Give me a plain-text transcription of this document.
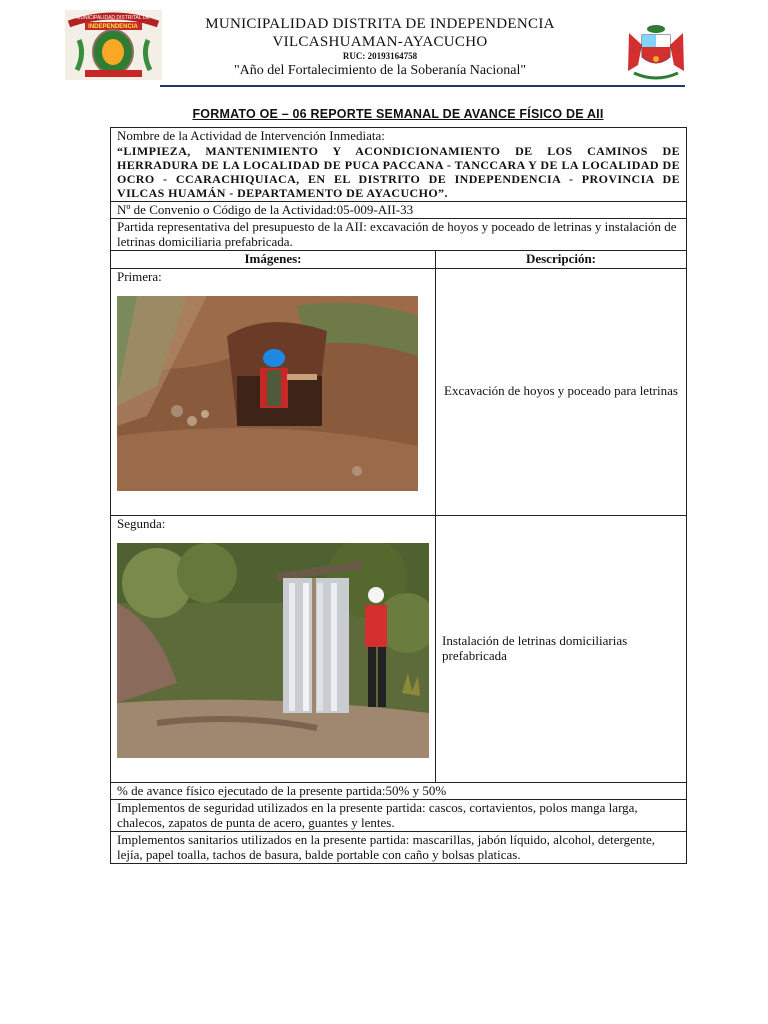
MUNICIPALIDAD DISTRITAL DE
INDEPENDENCIA	MUNICIPALIDAD DISTRITA DE INDEPENDENCIA
VILCASHUAMAN-AYACUCHO
RUC: 20193164758
"Año del Fortalecimiento de la Soberanía Nacional"
FORMATO OE – 06 REPORTE SEMANAL DE AVANCE FÍSICO DE AII
Nombre de la Actividad de Intervención Inmediata:
“LIMPIEZA, MANTENIMIENTO Y ACONDICIONAMIENTO DE LOS CAMINOS DE HERRADURA DE LA LOCALIDAD DE PUCA PACCANA - TANCCARA Y DE LA LOCALIDAD DE OCRO - CCARACHIQUIACA, EN EL DISTRITO DE INDEPENDENCIA - PROVINCIA DE VILCAS HUAMÁN - DEPARTAMENTO DE AYACUCHO”.	

Nº de Convenio o Código de la Actividad:05-009-AII-33	
Partida representativa del presupuesto de la AII: excavación de hoyos y poceado de letrinas y instalación de letrinas domiciliaria prefabricada.	
Imágenes:	Descripción:

Primera:	Excavación de hoyos y poceado para letrinas

Segunda:	Instalación de letrinas domiciliarias prefabricada
% de avance físico ejecutado de la presente partida:50% y 50%	
Implementos de seguridad utilizados en la presente partida: cascos, cortavientos, polos manga larga, chalecos, zapatos de punta de acero, guantes y lentes.	
Implementos sanitarios utilizados en la presente partida: mascarillas, jabón líquido, alcohol, detergente, lejía, papel toalla, tachos de basura, balde portable con caño y bolsas platicas.	
